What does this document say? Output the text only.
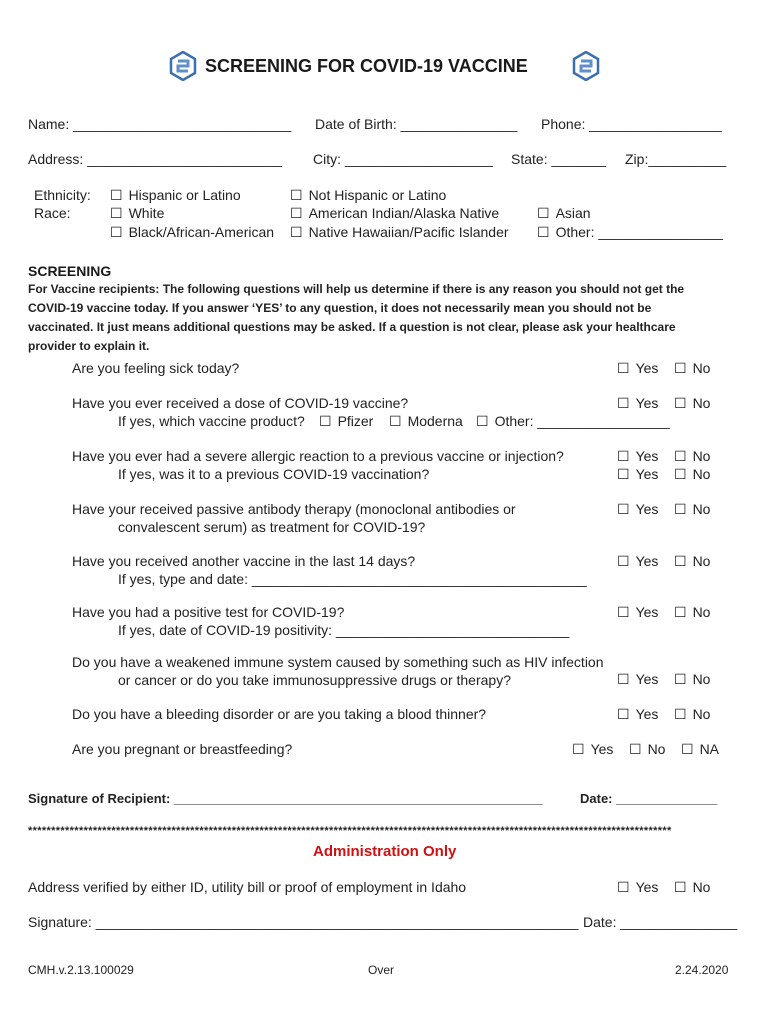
SCREENING FOR COVID-19 VACCINE
Name: ____________________________ Date of Birth: _______________ Phone: _________________
Address: _________________________ City: ___________________ State: _______ Zip:__________
Ethnicity:
Race:
☐ Hispanic or Latino	☐ Not Hispanic or Latino
☐ White	☐ American Indian/Alaska Native	☐ Asian
☐ Black/African-American	☐ Native Hawaiian/Pacific Islander	☐ Other: ________________
SCREENING
For Vaccine recipients: The following questions will help us determine if there is any reason you should not get the COVID-19 vaccine today. If you answer ‘YES’ to any question, it does not necessarily mean you should not be vaccinated. It just means additional questions may be asked. If a question is not clear, please ask your healthcare provider to explain it.
Are you feeling sick today?	☐ Yes	☐ No
Have you ever received a dose of COVID-19 vaccine?
If yes, which vaccine product?	☐ Pfizer	☐ Moderna	☐ Other: _________________
☐ Yes	☐ No
Have you ever had a severe allergic reaction to a previous vaccine or injection?
If yes, was it to a previous COVID-19 vaccination?
☐ Yes	☐ No
☐ Yes	☐ No
Have your received passive antibody therapy (monoclonal antibodies or
convalescent serum) as treatment for COVID-19?
☐ Yes	☐ No
Have you received another vaccine in the last 14 days?
If yes, type and date: ___________________________________________
☐ Yes	☐ No
Have you had a positive test for COVID-19?
If yes, date of COVID-19 positivity: ______________________________
☐ Yes	☐ No
Do you have a weakened immune system caused by something such as HIV infection
or cancer or do you take immunosuppressive drugs or therapy?	☐ Yes	☐ No
Do you have a bleeding disorder or are you taking a blood thinner?	☐ Yes	☐ No
Are you pregnant or breastfeeding?	☐ Yes	☐ No	☐ NA
Signature of Recipient: ___________________________________________________	Date: ______________
*******************************************************************************************************************************************
Administration Only
Address verified by either ID, utility bill or proof of employment in Idaho	☐ Yes	☐ No
Signature: ______________________________________________________________ Date: _______________
CMH.v.2.13.100029	Over	2.24.2020
